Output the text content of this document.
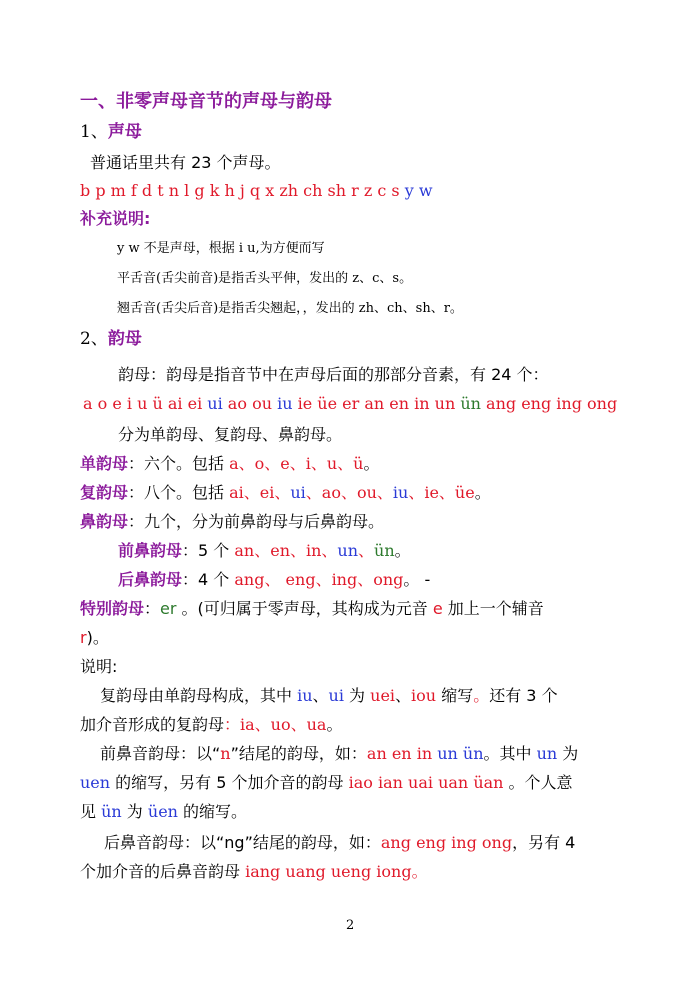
一、非零声母音节的声母与韵母
1、声母
普通话里共有 23 个声母。
b p m f d t n l g k h j q x zh ch sh r z c s y w
补充说明:
y w 不是声母，根据 i u,为方便而写
平舌音(舌尖前音)是指舌头平伸，发出的 z、c、s。
翘舌音(舌尖后音)是指舌尖翘起，，发出的 zh、ch、sh、r。
2、韵母
韵母：韵母是指音节中在声母后面的那部分音素，有 24 个：
a o e i u ü ai ei ui ao ou iu ie üe er an en in un ün ang eng ing ong
分为单韵母、复韵母、鼻韵母。
单韵母：六个。包括 a、o、e、i、u、ü。
复韵母：八个。包括 ai、ei、ui、ao、ou、iu、ie、üe。
鼻韵母：九个，分为前鼻韵母与后鼻韵母。
前鼻韵母：5 个 an、en、in、un、ün。
后鼻韵母：4 个 ang、 eng、ing、ong。 -
特别韵母：er 。(可归属于零声母，其构成为元音 e 加上一个辅音
r)。
说明:
复韵母由单韵母构成，其中 iu、ui 为 uei、iou 缩写。还有 3 个
加介音形成的复韵母：ia、uo、ua。
前鼻音韵母：以“n”结尾的韵母，如：an en in un ün。其中 un 为
uen 的缩写，另有 5 个加介音的韵母 iao ian uai uan üan 。个人意
见 ün 为 üen 的缩写。
后鼻音韵母：以“ng”结尾的韵母，如：ang eng ing ong，另有 4
个加介音的后鼻音韵母 iang uang ueng iong。
2
